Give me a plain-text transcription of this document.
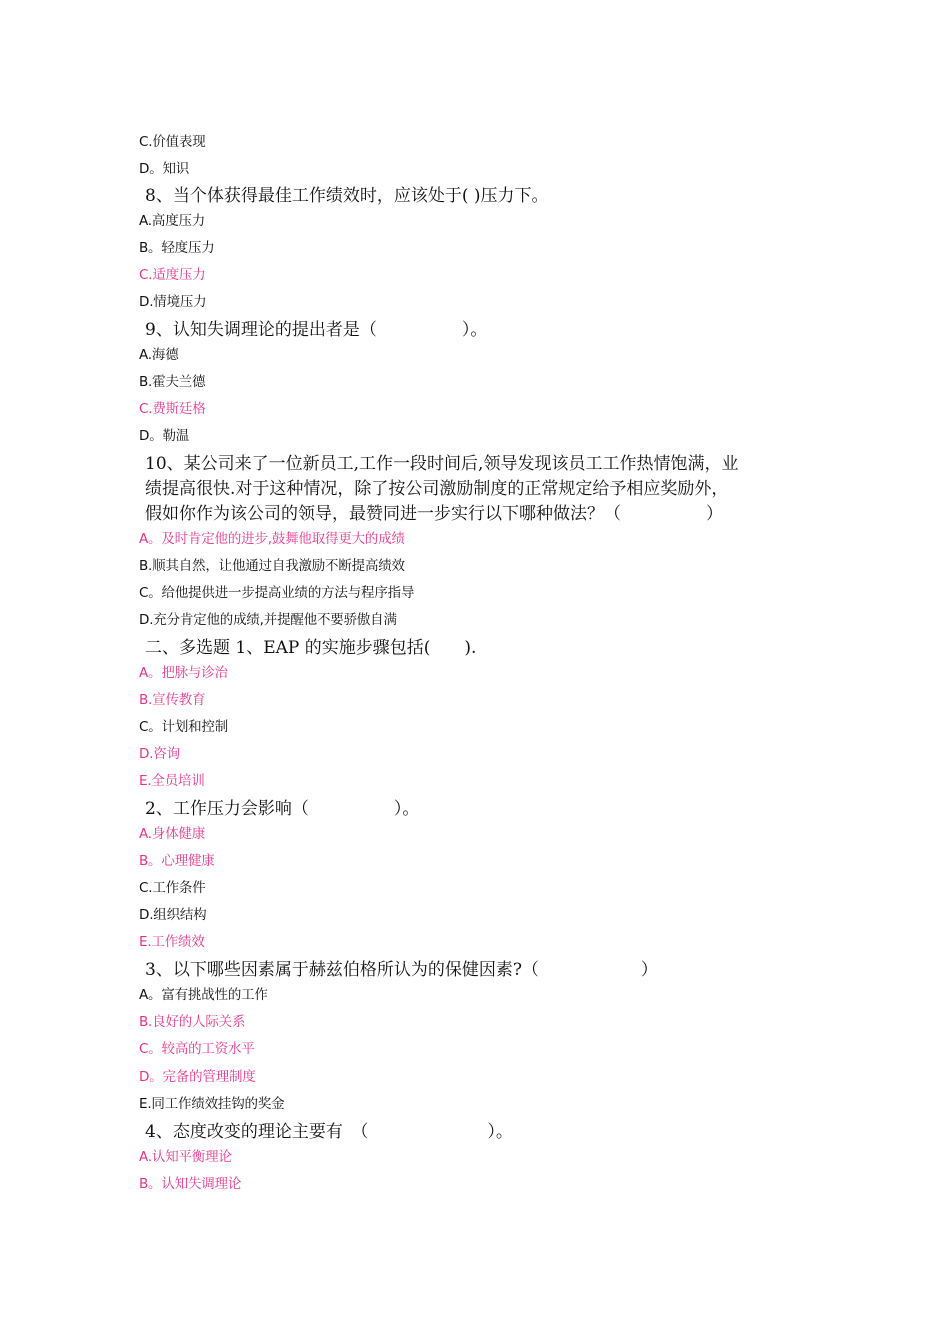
C.价值表现
D。知识
8、当个体获得最佳工作绩效时，应该处于( )压力下。
A.高度压力
B。轻度压力
C.适度压力
D.情境压力
9、认知失调理论的提出者是（　　　　　）。
A.海德
B.霍夫兰德
C.费斯廷格
D。勒温
10、某公司来了一位新员工,工作一段时间后,领导发现该员工工作热情饱满，业
绩提高很快.对于这种情况，除了按公司激励制度的正常规定给予相应奖励外，
假如你作为该公司的领导，最赞同进一步实行以下哪种做法？（　　　　　）
A。及时肯定他的进步,鼓舞他取得更大的成绩
B.顺其自然，让他通过自我激励不断提高绩效
C。给他提供进一步提高业绩的方法与程序指导
D.充分肯定他的成绩,并提醒他不要骄傲自满
二、多选题 1、EAP 的实施步骤包括(　　).
A。把脉与诊治
B.宣传教育
C。计划和控制
D.咨询
E.全员培训
2、工作压力会影响（　　　　　）。
A.身体健康
B。心理健康
C.工作条件
D.组织结构
E.工作绩效
3、以下哪些因素属于赫兹伯格所认为的保健因素?（　　　　　　）
A。富有挑战性的工作
B.良好的人际关系
C。较高的工资水平
D。完备的管理制度
E.同工作绩效挂钩的奖金
4、态度改变的理论主要有　（　　　　　　　）。
A.认知平衡理论
B。认知失调理论
